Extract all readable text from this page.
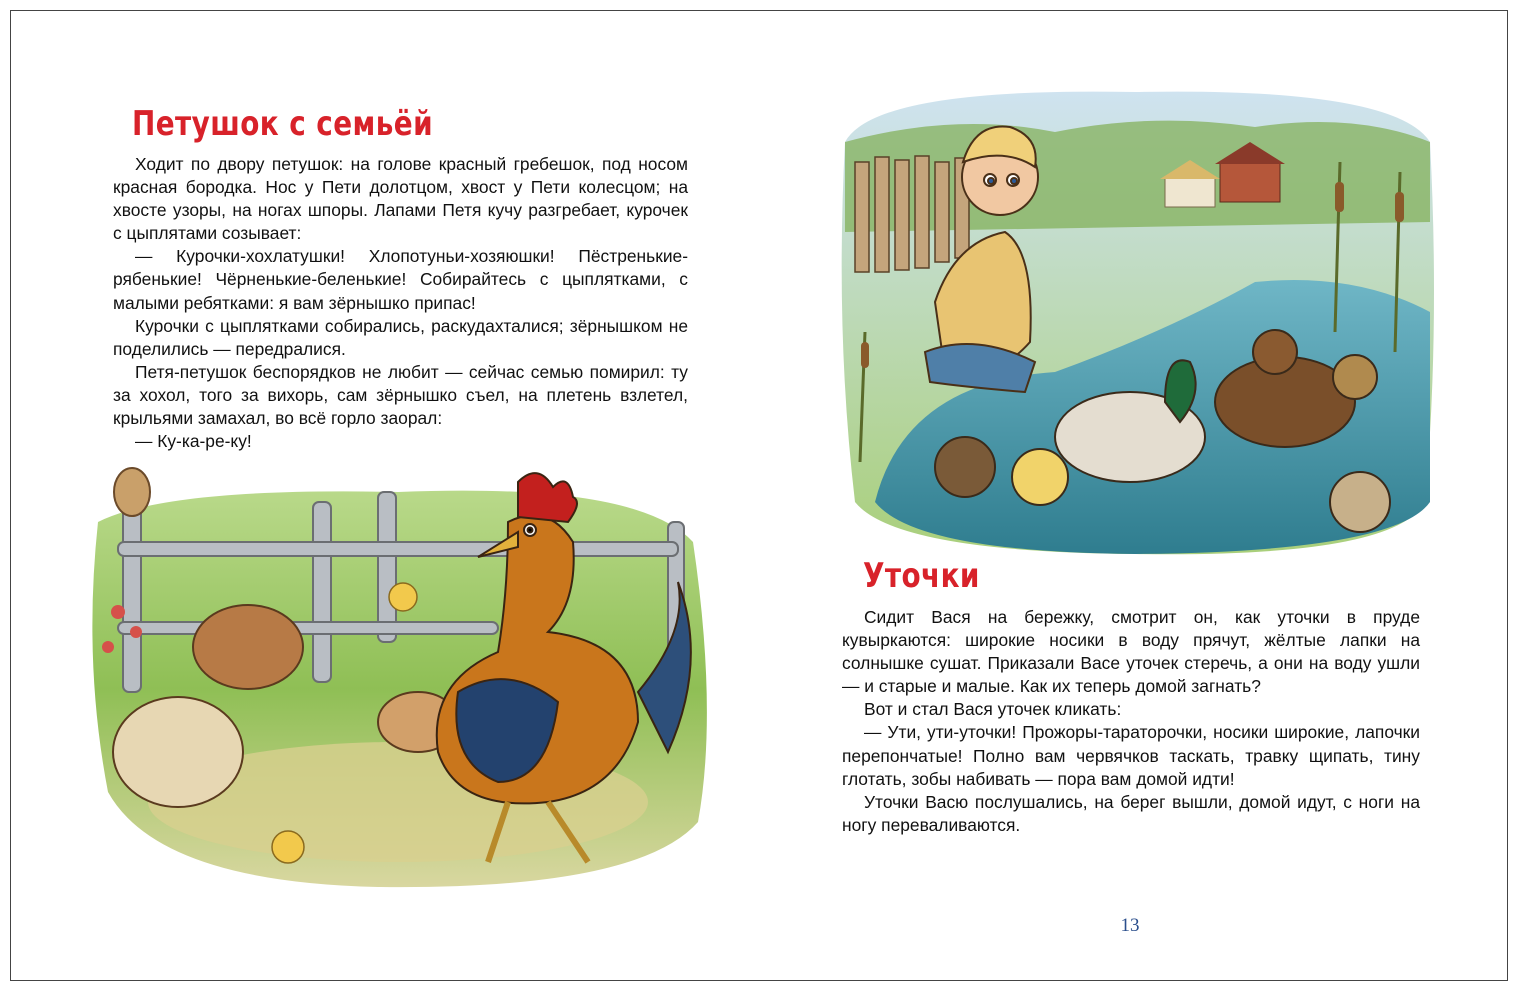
Петушок с семьёй

Ходит по двору петушок: на голове красный гребешок, под носом красная бородка. Нос у Пети долотцом, хвост у Пети колесцом; на хвосте узоры, на ногах шпоры. Лапами Петя кучу разгребает, курочек с цыплятами созывает:

— Курочки-хохлатушки! Хлопотуньи-хозяюшки! Пёстренькие-рябенькие! Чёрненькие-беленькие! Собирайтесь с цыплятками, с малыми ребятками: я вам зёрнышко припас!

Курочки с цыплятками собирались, раскудахталися; зёрнышком не поделились — передралися.

Петя-петушок беспорядков не любит — сейчас семью помирил: ту за хохол, того за вихорь, сам зёрнышко съел, на плетень взлетел, крыльями замахал, во всё горло заорал:

— Ку-ка-ре-ку!

Уточки

Сидит Вася на бережку, смотрит он, как уточки в пруде кувыркаются: широкие носики в воду прячут, жёлтые лапки на солнышке сушат. Приказали Васе уточек стеречь, а они на воду ушли — и старые и малые. Как их теперь домой загнать?

Вот и стал Вася уточек кликать:

— Ути, ути-уточки! Прожоры-тараторочки, носики широкие, лапочки перепончатые! Полно вам червячков таскать, травку щипать, тину глотать, зобы набивать — пора вам домой идти!

Уточки Васю послушались, на берег вышли, домой идут, с ноги на ногу переваливаются.

13
